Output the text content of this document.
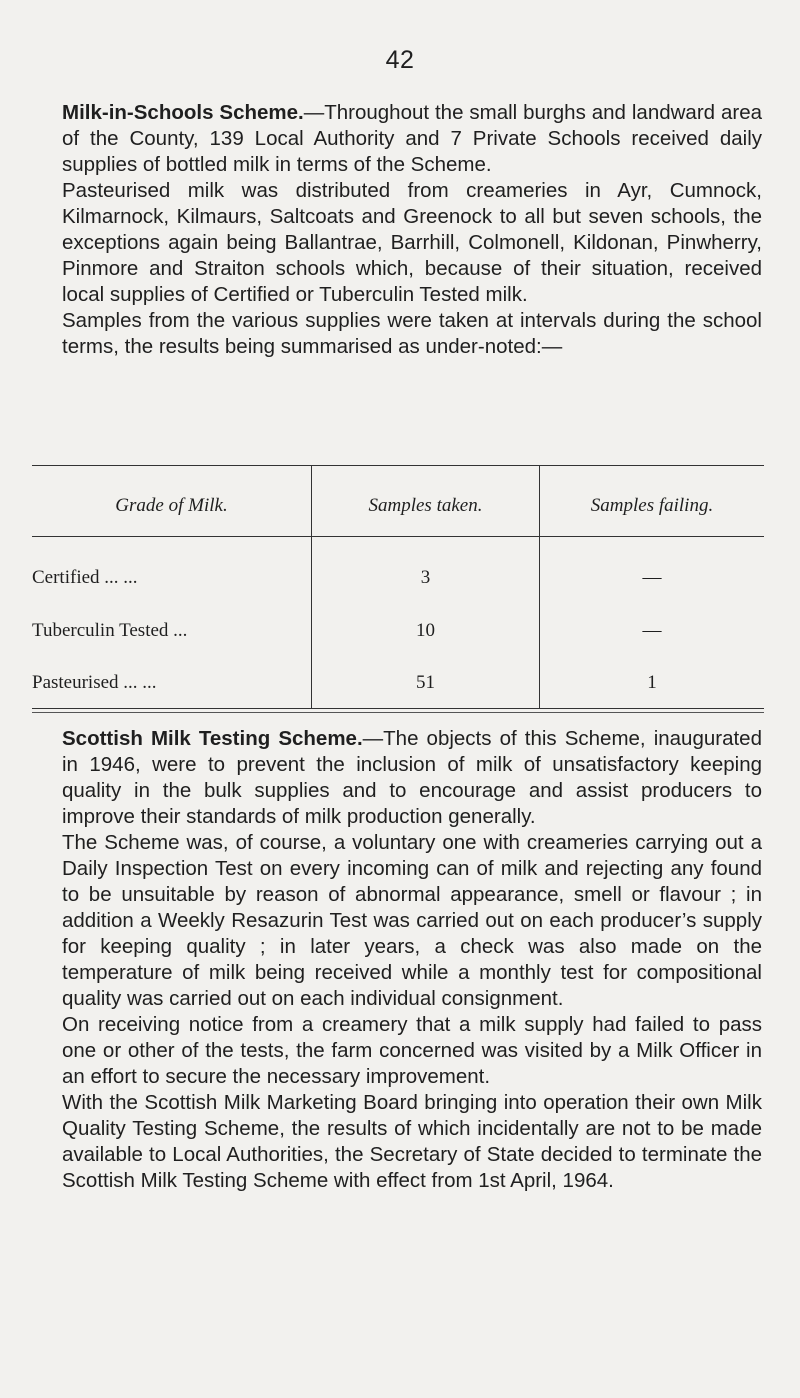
42

Milk-in-Schools Scheme.—Throughout the small burghs and landward area of the County, 139 Local Authority and 7 Private Schools received daily supplies of bottled milk in terms of the Scheme.

Pasteurised milk was distributed from creameries in Ayr, Cumnock, Kilmarnock, Kilmaurs, Saltcoats and Greenock to all but seven schools, the exceptions again being Ballantrae, Barrhill, Colmonell, Kildonan, Pinwherry, Pinmore and Straiton schools which, because of their situation, received local supplies of Certified or Tuberculin Tested milk.

Samples from the various supplies were taken at intervals during the school terms, the results being summarised as under-noted:—

Grade of Milk.	Samples taken.	Samples failing.
Certified ... ...	3	—
Tuberculin Tested ...	10	—
Pasteurised ... ...	51	1

Scottish Milk Testing Scheme.—The objects of this Scheme, inaugurated in 1946, were to prevent the inclusion of milk of unsatisfactory keeping quality in the bulk supplies and to encourage and assist producers to improve their standards of milk production generally.

The Scheme was, of course, a voluntary one with creameries carrying out a Daily Inspection Test on every incoming can of milk and rejecting any found to be unsuitable by reason of abnormal appearance, smell or flavour ; in addition a Weekly Resazurin Test was carried out on each producer’s supply for keeping quality ; in later years, a check was also made on the temperature of milk being received while a monthly test for compositional quality was carried out on each individual consignment.

On receiving notice from a creamery that a milk supply had failed to pass one or other of the tests, the farm concerned was visited by a Milk Officer in an effort to secure the necessary improvement.

With the Scottish Milk Marketing Board bringing into operation their own Milk Quality Testing Scheme, the results of which incidentally are not to be made available to Local Authorities, the Secretary of State decided to terminate the Scottish Milk Testing Scheme with effect from 1st April, 1964.
